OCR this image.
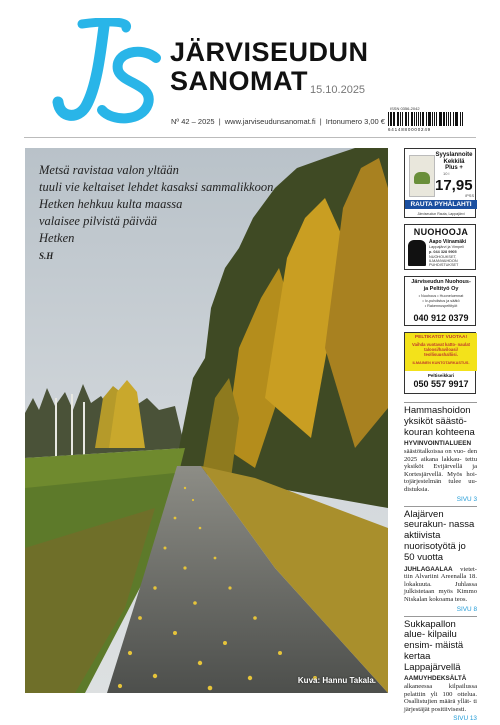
JÄRVISEUDUN
SANOMAT 15.10.2025
Nº 42 – 2025 | www.jarviseudunsanomat.fi | Irtonumero 3,00 €
ISSN 0356-2042
6414880000249
Metsä ravistaa valon yltään
tuuli vie keltaiset lehdet kasaksi sammalikkoon
Hetken hehkuu kulta maassa
valaisee pilvistä päivää
Hetken
S.H
Kuva: Hannu Takala.
Syyslannoite
Kekkilä
Plus +
10 l
17,95
/PSS
RAUTA PYHÄLAHTI
Järviseudun Rauta, Lappajärvi
NUOHOOJA
Aapo Viinamäki
Lappajärvi ja Vimpeli
p. 044 328 9905
NUOHOUKSET,
ILMANVAIHDON
PUHDISTUKSET
Järviseudun Nuohous-
ja Peltityö Oy
• Nuohous • Huoneluennat
• Iv-puhdistus ja säätö
• Rakennuspeltityöt
040 912 0379
PELTIKATOT VUOTAA!
Vaihda vuotavat katto- naulat taloosi/haviloasi/ teollisuushalliisi.
ILMAINEN KUNTOTARKASTUS.
Peltiseikkari
050 557 9917
Hammashoidon yksiköt säästö- kouran kohteena
HYVINVOINTIALUEEN säästötalkoissa on vuo- den 2025 aikana lakkau- tettu yksiköt Evijärvellä ja Kortesjärvellä. Myös hoi- tojärjestelmän tulee uu- distuksia.
SIVU 3
Alajärven seurakun- nassa aktiivista nuorisotyötä jo 50 vuotta
JUHLAGAALAA vietet- tiin Alvariini Areenalla 18. lokakuuta. Juhlassa julkistetaan myös Kimmo Niskalan kokoama teos.
SIVU 8
Sukkapallon alue- kilpailu ensim- mäistä kertaa Lappajärvellä
AAMUYHDEKSÄLTÄ alkaneessa kilpailussa pelattiin yli 100 ottelua. Osallistujien määrä yllät- ti järjestäjät positiivisesti.
SIVU 13
